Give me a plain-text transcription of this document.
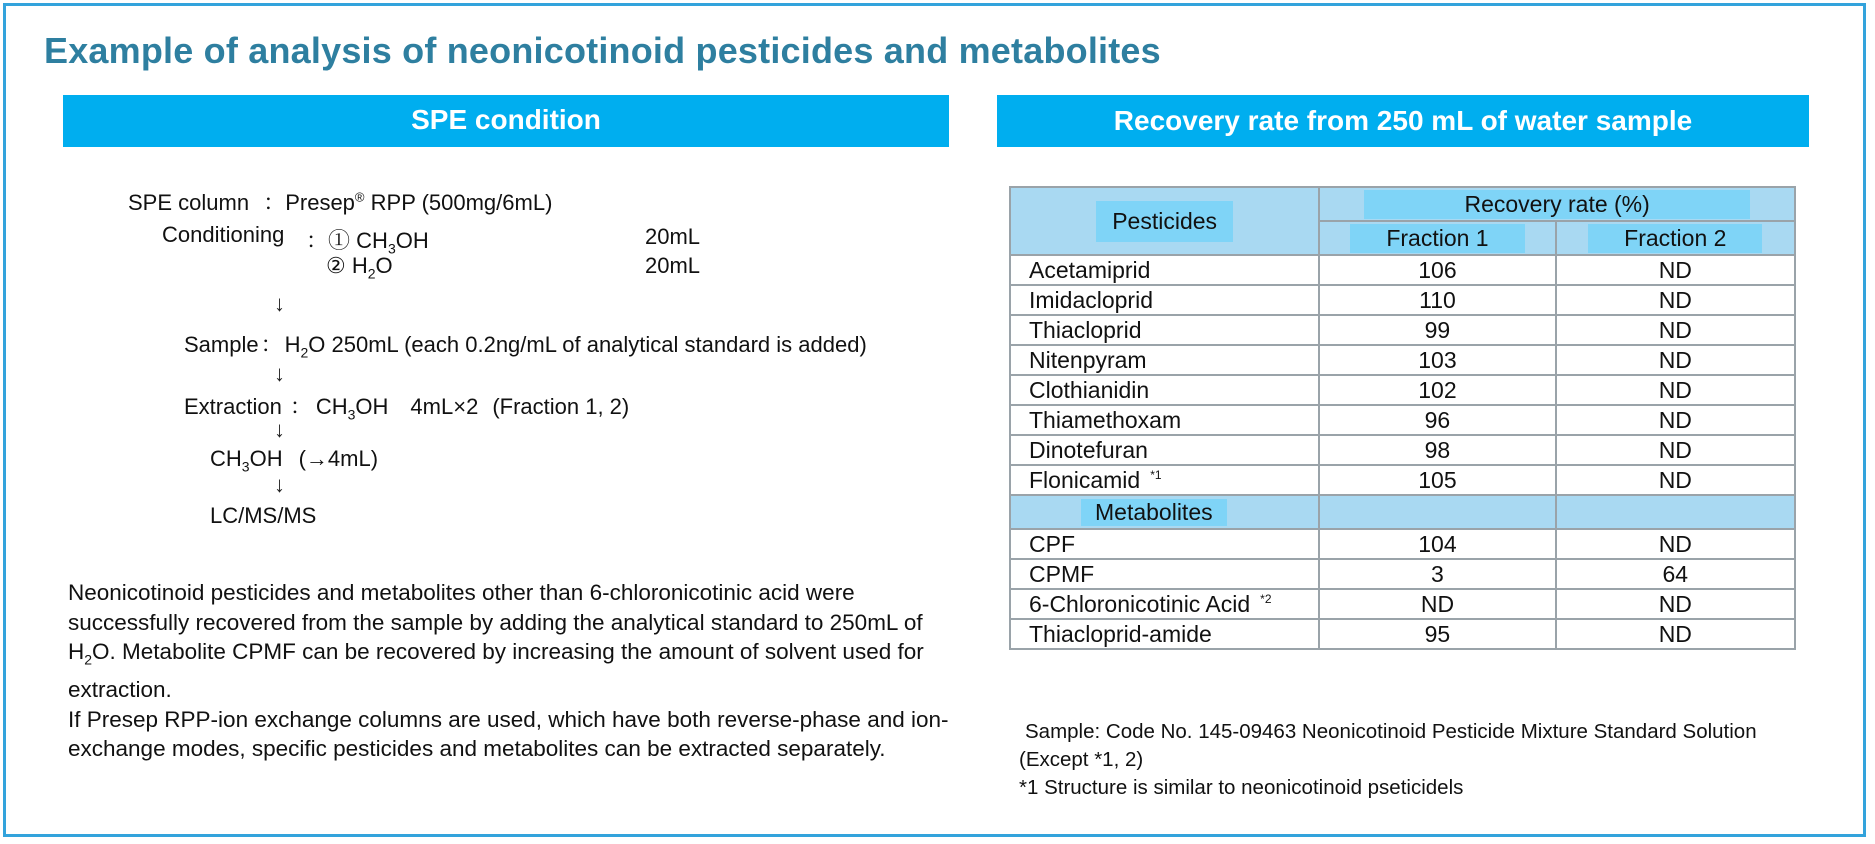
Example of analysis of neonicotinoid pesticides and metabolites
SPE condition	Recovery rate from 250 mL of water sample
SPE column ：Presep® RPP (500mg/6mL)
Conditioning ：① $CH_3OH$	20mL
② $H_2O$	20mL
↓
Sample：$H_2O$ 250mL (each 0.2ng/mL of analytical standard is added)
↓
Extraction ： $CH_3OH$ 4mL×2 (Fraction 1, 2)
↓
$CH_3OH$ (→4mL)
↓
LC/MS/MS

Neonicotinoid pesticides and metabolites other than 6-chloronicotinic acid were successfully recovered from the sample by adding the analytical standard to 250mL of $H_2O$. Metabolite CPMF can be recovered by increasing the amount of solvent used for extraction.

If Presep RPP-ion exchange columns are used, which have both reverse-phase and ion-exchange modes, specific pesticides and metabolites can be extracted separately.

Pesticides	Recovery rate (%)	
	Fraction 1	Fraction 2
Acetamiprid	106	ND
Imidacloprid	110	ND
Thiacloprid	99	ND
Nitenpyram	103	ND
Clothianidin	102	ND
Thiamethoxam	96	ND
Dinotefuran	98	ND
Flonicamid $^{*1}$	105	ND
Metabolites		
CPF	104	ND
CPMF	3	64
6-Chloronicotinic Acid $^{*2}$	ND	ND
Thiacloprid-amide	95	ND
Sample: Code No. 145-09463 Neonicotinoid Pesticide Mixture Standard Solution
(Except *1, 2)
*1 Structure is similar to neonicotinoid pseticidels
